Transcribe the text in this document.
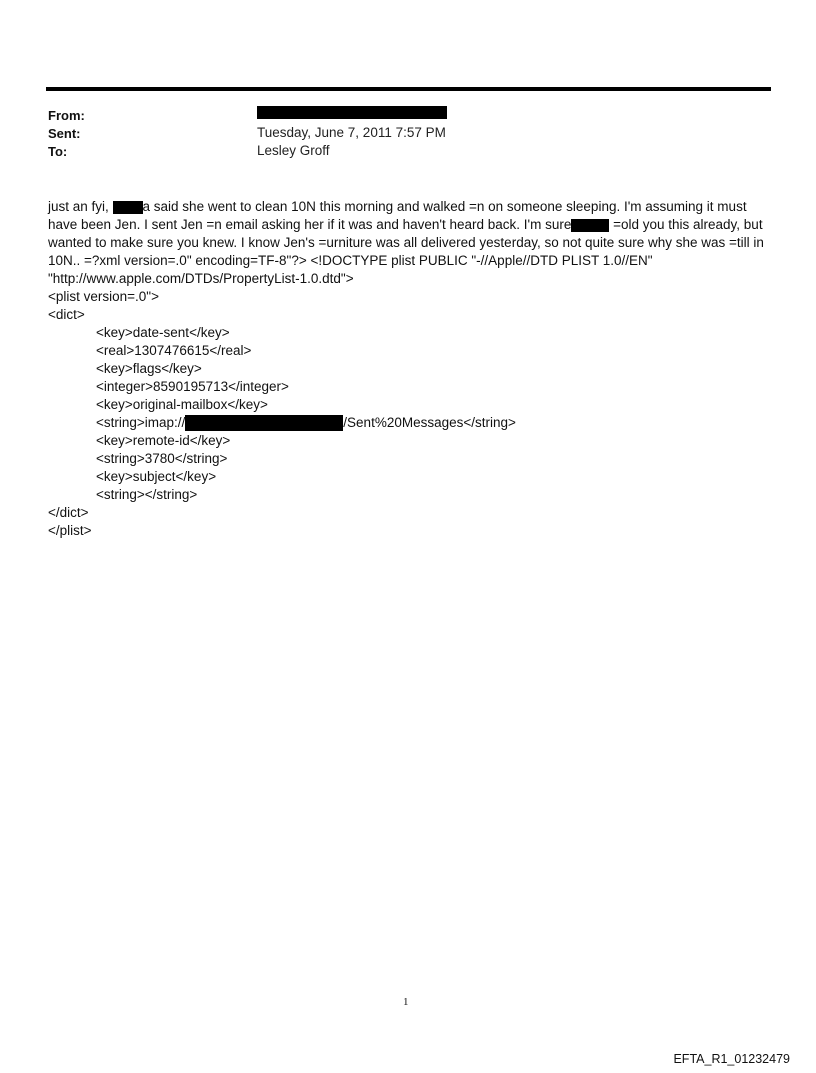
From:
Sent:
To:
Tuesday, June 7, 2011 7:57 PM
Lesley Groff

just an fyi, a said she went to clean 10N this morning and walked =n on someone sleeping. I'm assuming it must

have been Jen. I sent Jen =n email asking her if it was and haven't heard back. I'm sure	=old you this already, but

wanted to make sure you knew. I know Jen's =urniture was all delivered yesterday, so not quite sure why she was =till in

10N.. =?xml version=.0" encoding=TF-8"?> <!DOCTYPE plist PUBLIC "-//Apple//DTD PLIST 1.0//EN"

"http://www.apple.com/DTDs/PropertyList-1.0.dtd">

<plist version=.0">

<dict>

<key>date-sent</key>

<real>1307476615</real>

<key>flags</key>

<integer>8590195713</integer>

<key>original-mailbox</key>

<string>imap://	/Sent%20Messages</string>

<key>remote-id</key>

<string>3780</string>

<key>subject</key>

<string></string>

</dict>

</plist>

1
EFTA_R1_01232479
